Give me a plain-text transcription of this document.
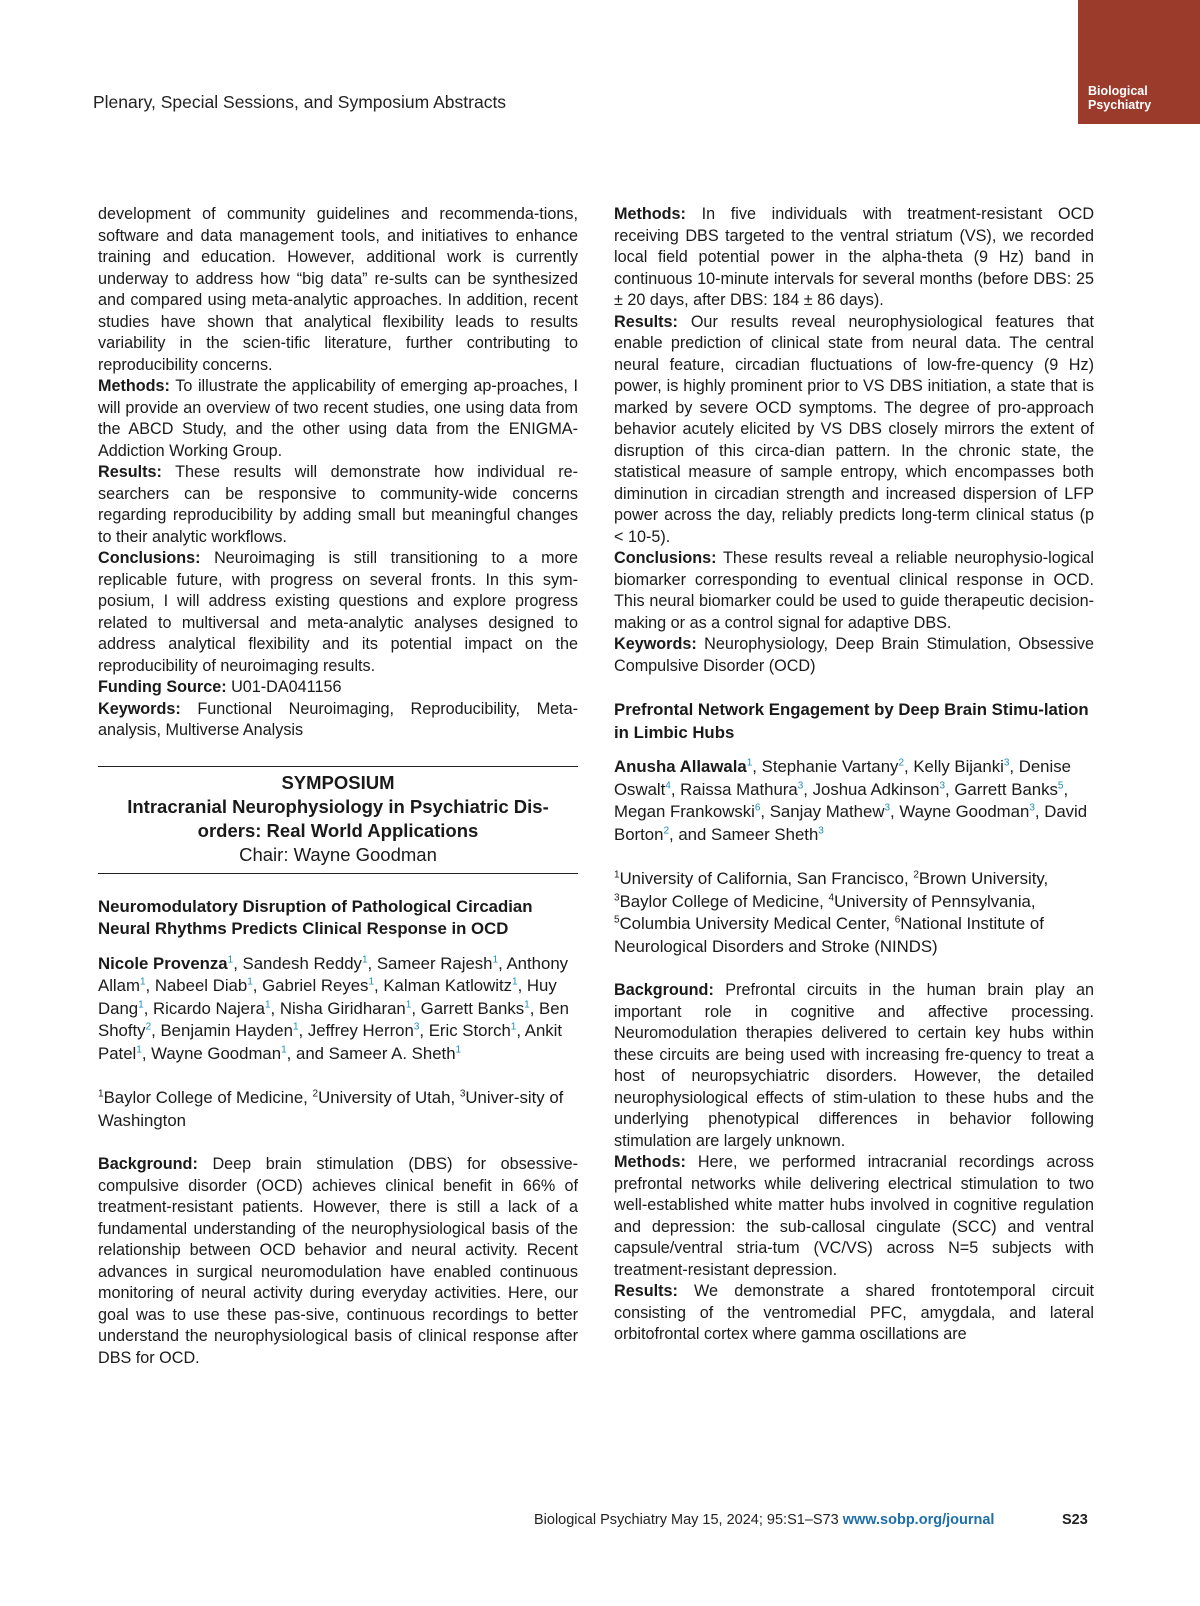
Plenary, Special Sessions, and Symposium Abstracts
Biological
Psychiatry

development of community guidelines and recommenda-tions, software and data management tools, and initiatives to enhance training and education. However, additional work is currently underway to address how “big data” re-sults can be synthesized and compared using meta-analytic approaches. In addition, recent studies have shown that analytical flexibility leads to results variability in the scien-tific literature, further contributing to reproducibility concerns.

Methods: To illustrate the applicability of emerging ap-proaches, I will provide an overview of two recent studies, one using data from the ABCD Study, and the other using data from the ENIGMA-Addiction Working Group.

Results: These results will demonstrate how individual re-searchers can be responsive to community-wide concerns regarding reproducibility by adding small but meaningful changes to their analytic workflows.

Conclusions: Neuroimaging is still transitioning to a more replicable future, with progress on several fronts. In this sym-posium, I will address existing questions and explore progress related to multiversal and meta-analytic analyses designed to address analytical flexibility and its potential impact on the reproducibility of neuroimaging results.

Funding Source: U01-DA041156

Keywords: Functional Neuroimaging, Reproducibility, Meta-analysis, Multiverse Analysis

SYMPOSIUM
Intracranial Neurophysiology in Psychiatric Dis-orders: Real World Applications
Chair: Wayne Goodman

Neuromodulatory Disruption of Pathological Circadian Neural Rhythms Predicts Clinical Response in OCD

Nicole Provenza$^1$, Sandesh Reddy$^1$, Sameer Rajesh$^1$, Anthony Allam$^1$, Nabeel Diab$^1$, Gabriel Reyes$^1$, Kalman Katlowitz$^1$, Huy Dang$^1$, Ricardo Najera$^1$, Nisha Giridharan$^1$, Garrett Banks$^1$, Ben Shofty$^2$, Benjamin Hayden$^1$, Jeffrey Herron$^3$, Eric Storch$^1$, Ankit Patel$^1$, Wayne Goodman$^1$, and Sameer A. Sheth$^1$

$^1$Baylor College of Medicine, $^2$University of Utah, $^3$Univer-sity of Washington

Background: Deep brain stimulation (DBS) for obsessive-compulsive disorder (OCD) achieves clinical benefit in 66% of treatment-resistant patients. However, there is still a lack of a fundamental understanding of the neurophysiological basis of the relationship between OCD behavior and neural activity. Recent advances in surgical neuromodulation have enabled continuous monitoring of neural activity during everyday activities. Here, our goal was to use these pas-sive, continuous recordings to better understand the neurophysiological basis of clinical response after DBS for OCD.

Methods: In five individuals with treatment-resistant OCD receiving DBS targeted to the ventral striatum (VS), we recorded local field potential power in the alpha-theta (9 Hz) band in continuous 10-minute intervals for several months (before DBS: 25 ± 20 days, after DBS: 184 ± 86 days).

Results: Our results reveal neurophysiological features that enable prediction of clinical state from neural data. The central neural feature, circadian fluctuations of low-fre-quency (9 Hz) power, is highly prominent prior to VS DBS initiation, a state that is marked by severe OCD symptoms. The degree of pro-approach behavior acutely elicited by VS DBS closely mirrors the extent of disruption of this circa-dian pattern. In the chronic state, the statistical measure of sample entropy, which encompasses both diminution in circadian strength and increased dispersion of LFP power across the day, reliably predicts long-term clinical status (p < 10-5).

Conclusions: These results reveal a reliable neurophysio-logical biomarker corresponding to eventual clinical response in OCD. This neural biomarker could be used to guide therapeutic decision-making or as a control signal for adaptive DBS.

Keywords: Neurophysiology, Deep Brain Stimulation, Obsessive Compulsive Disorder (OCD)

Prefrontal Network Engagement by Deep Brain Stimu-lation in Limbic Hubs

Anusha Allawala$^1$, Stephanie Vartany$^2$, Kelly Bijanki$^3$, Denise Oswalt$^4$, Raissa Mathura$^3$, Joshua Adkinson$^3$, Garrett Banks$^5$, Megan Frankowski$^6$, Sanjay Mathew$^3$, Wayne Goodman$^3$, David Borton$^2$, and Sameer Sheth$^3$

$^1$University of California, San Francisco, $^2$Brown University, $^3$Baylor College of Medicine, $^4$University of Pennsylvania, $^5$Columbia University Medical Center, $^6$National Institute of Neurological Disorders and Stroke (NINDS)

Background: Prefrontal circuits in the human brain play an important role in cognitive and affective processing. Neuromodulation therapies delivered to certain key hubs within these circuits are being used with increasing fre-quency to treat a host of neuropsychiatric disorders. However, the detailed neurophysiological effects of stim-ulation to these hubs and the underlying phenotypical differences in behavior following stimulation are largely unknown.

Methods: Here, we performed intracranial recordings across prefrontal networks while delivering electrical stimulation to two well-established white matter hubs involved in cognitive regulation and depression: the sub-callosal cingulate (SCC) and ventral capsule/ventral stria-tum (VC/VS) across N=5 subjects with treatment-resistant depression.

Results: We demonstrate a shared frontotemporal circuit consisting of the ventromedial PFC, amygdala, and lateral orbitofrontal cortex where gamma oscillations are

Biological Psychiatry May 15, 2024; 95:S1–S73 www.sobp.org/journal	S23
